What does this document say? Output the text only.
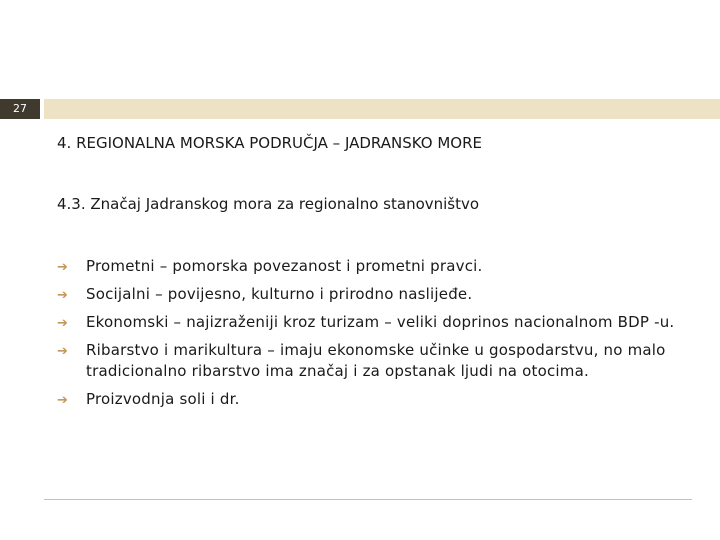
27
4. REGIONALNA MORSKA PODRUČJA – JADRANSKO MORE
4.3. Značaj Jadranskog mora za regionalno stanovništvo
➔ Prometni – pomorska povezanost i prometni pravci.
➔ Socijalni – povijesno, kulturno i prirodno naslijeđe.
➔ Ekonomski – najizraženiji kroz turizam – veliki doprinos nacionalnom BDP -u.
➔ Ribarstvo i marikultura – imaju ekonomske učinke u gospodarstvu, no malo tradicionalno ribarstvo ima značaj i za opstanak ljudi na otocima.
➔ Proizvodnja soli i dr.
